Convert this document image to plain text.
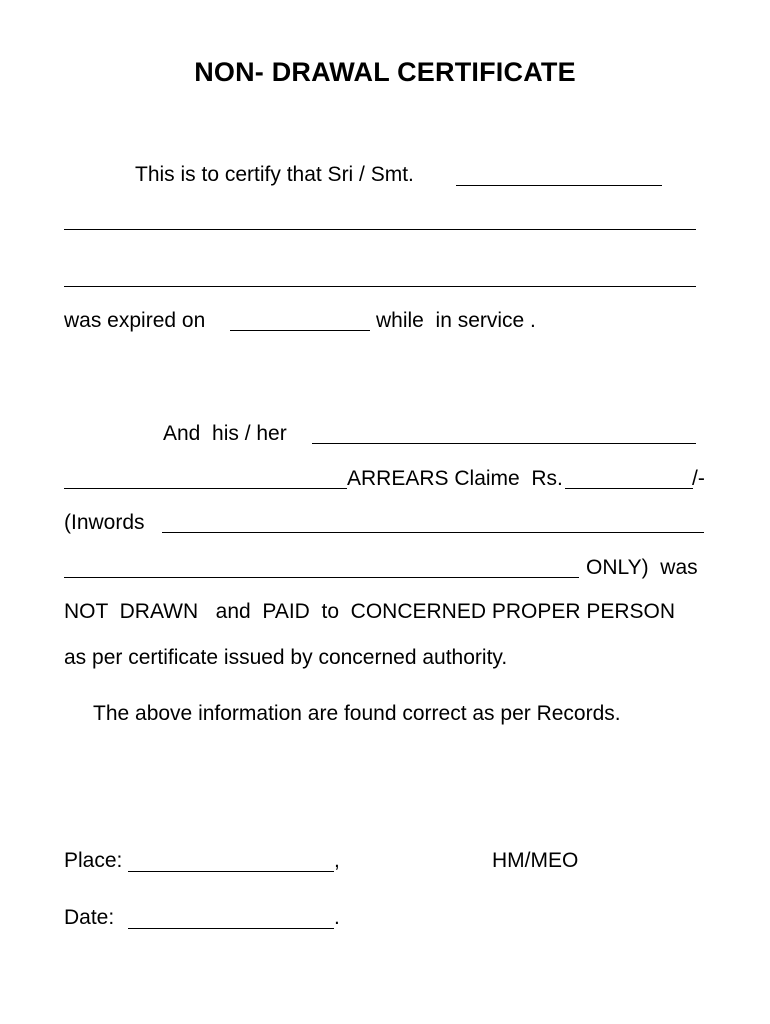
NON- DRAWAL CERTIFICATE
This is to certify that Sri / Smt.
was expired on	while  in service .
And  his / her
ARREARS Claime  Rs.	/-
(Inwords
ONLY)  was
NOT  DRAWN   and  PAID  to  CONCERNED PROPER PERSON
as per certificate issued by concerned authority.
The above information are found correct as per Records.
Place:	,	HM/MEO
Date:	.
